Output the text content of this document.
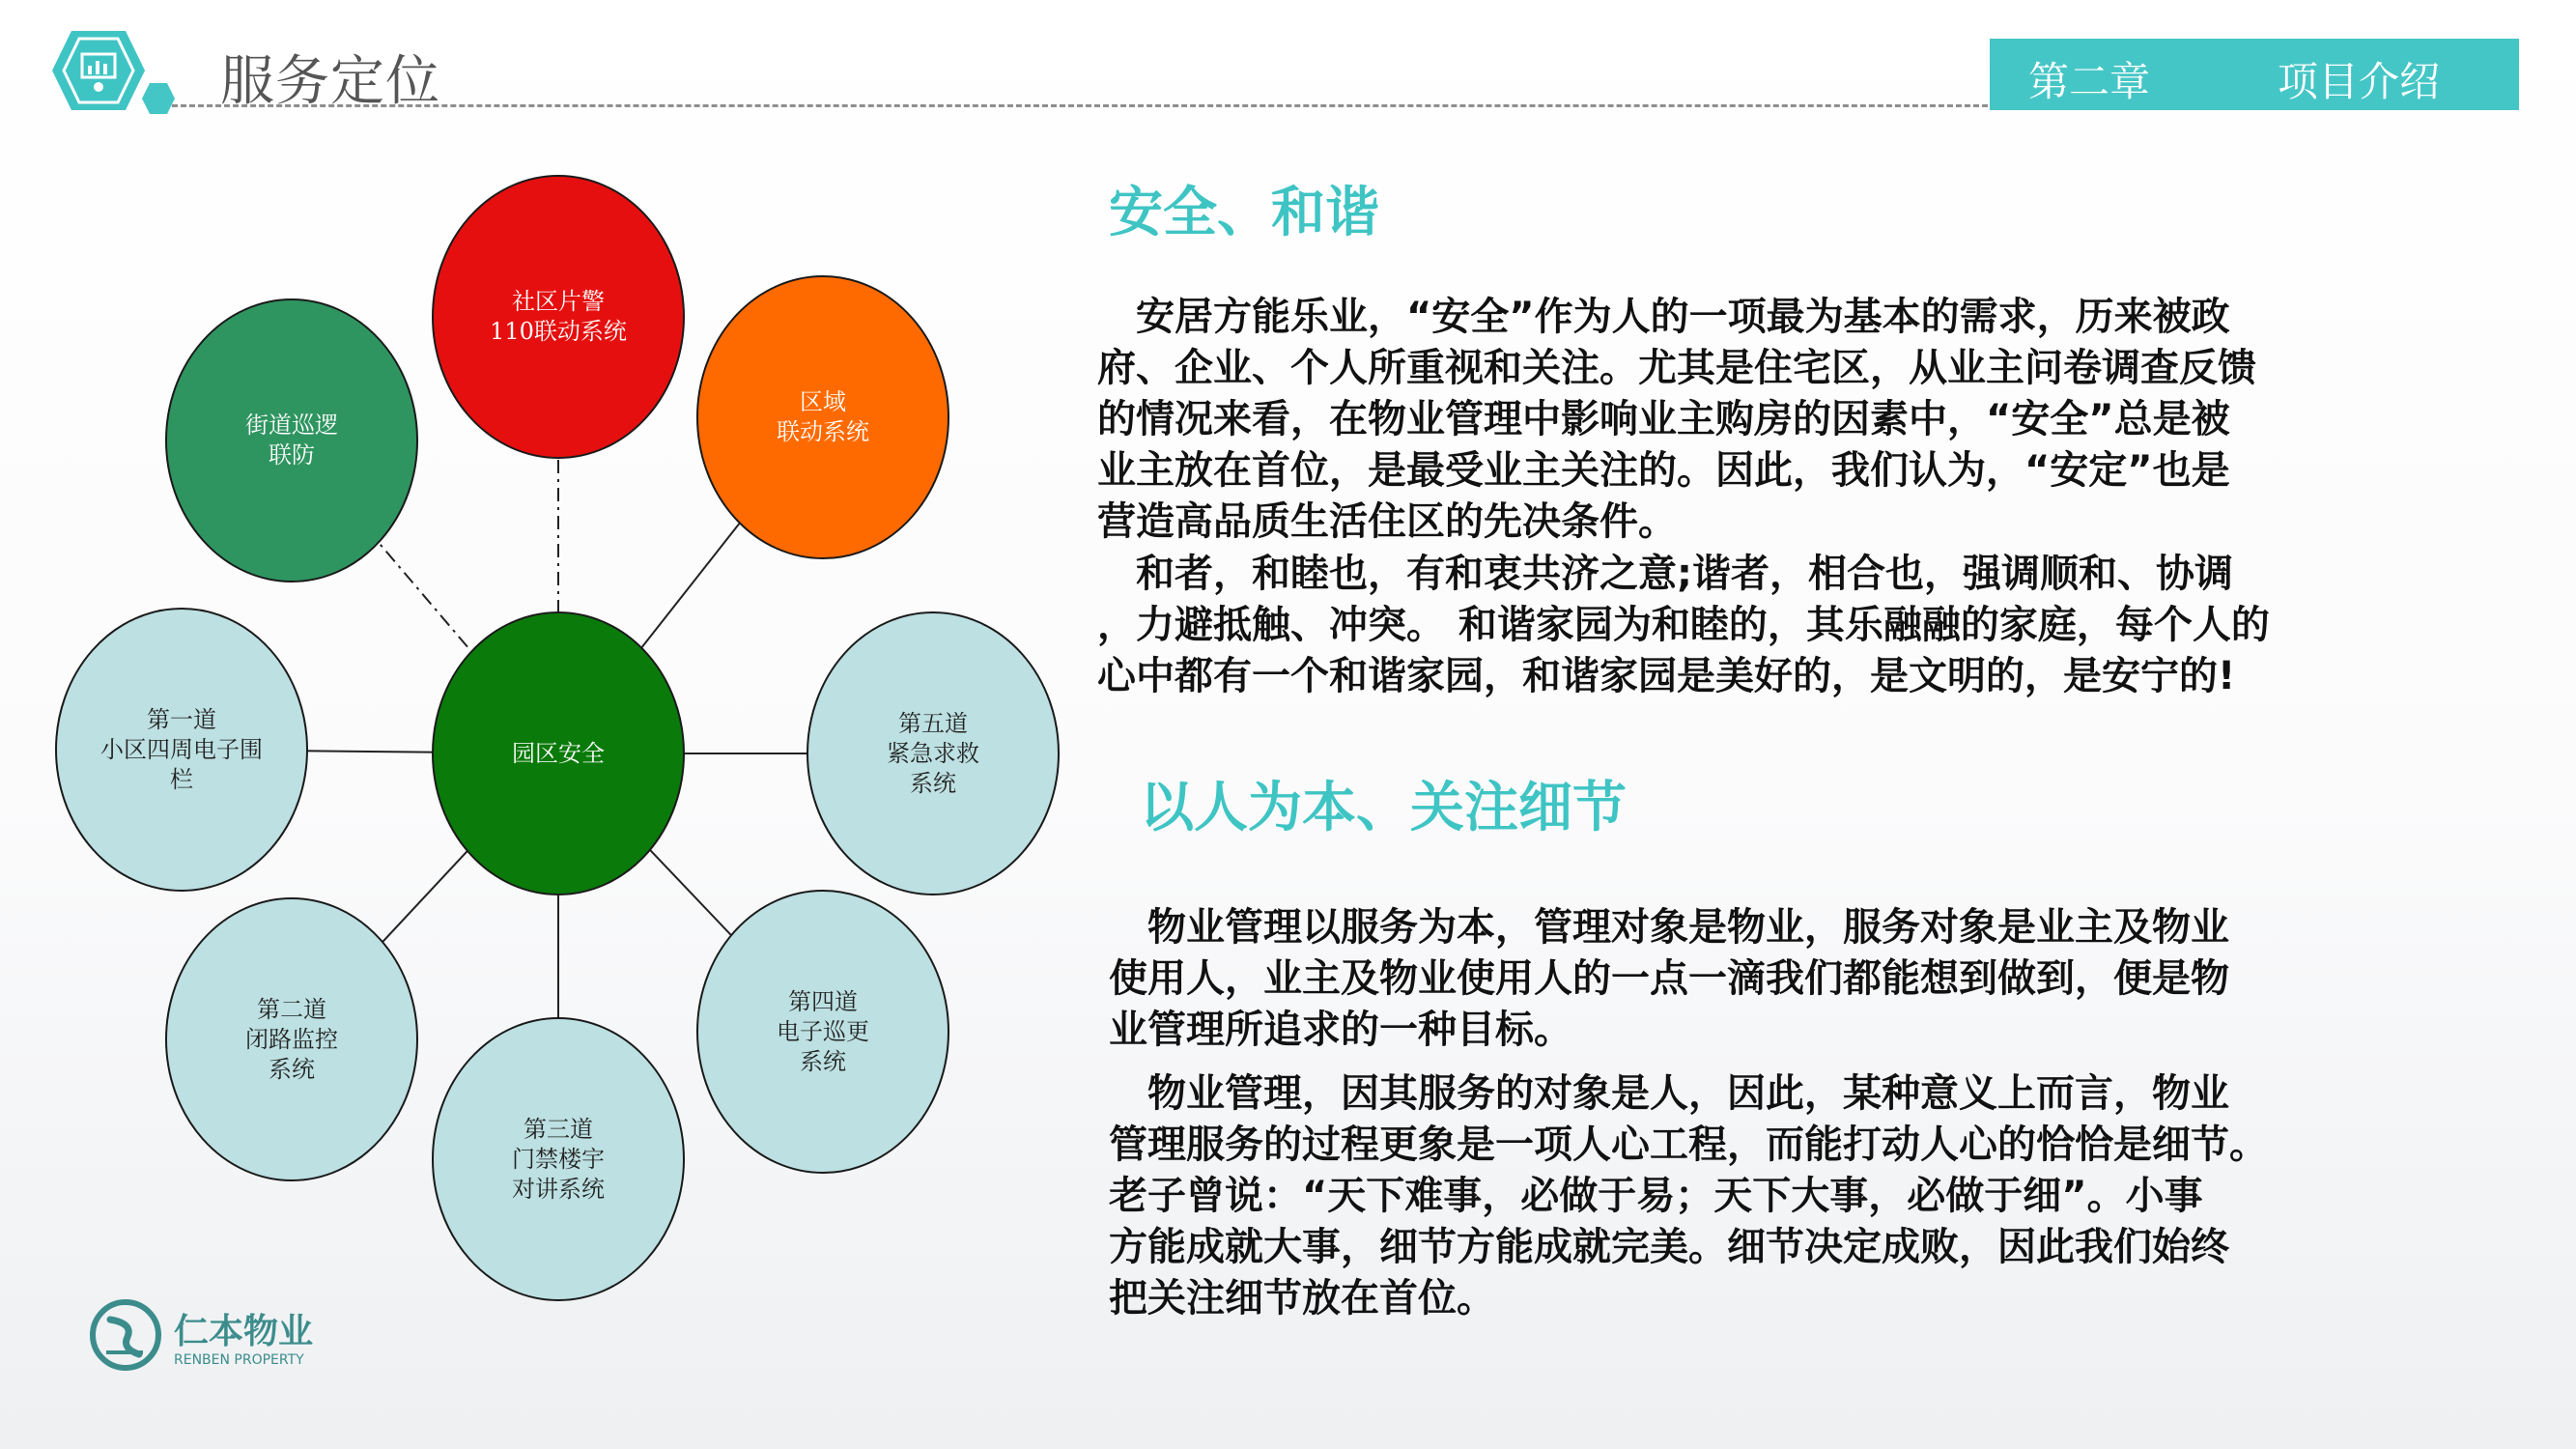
服务定位	第二章	项目介绍
社区片警
110联动系统
区域
联动系统
第五道
紧急求救
系统
第四道
电子巡更
系统
第三道
门禁楼宇
对讲系统
第二道
闭路监控
系统
第一道
小区四周电子围
栏
街道巡逻
联防
园区安全
安全、和谐
　安居方能乐业，“安全”作为人的一项最为基本的需求，历来被政
府、企业、个人所重视和关注。尤其是住宅区，从业主问卷调查反馈
的情况来看，在物业管理中影响业主购房的因素中，“安全”总是被
业主放在首位，是最受业主关注的。因此，我们认为，“安定”也是
营造高品质生活住区的先决条件。
　和者，和睦也，有和衷共济之意;谐者，相合也，强调顺和、协调
，力避抵触、冲突。 和谐家园为和睦的，其乐融融的家庭，每个人的
心中都有一个和谐家园，和谐家园是美好的，是文明的，是安宁的!
以人为本、关注细节
　物业管理以服务为本，管理对象是物业，服务对象是业主及物业
使用人，业主及物业使用人的一点一滴我们都能想到做到，便是物
业管理所追求的一种目标。
　物业管理，因其服务的对象是人，因此，某种意义上而言，物业
管理服务的过程更象是一项人心工程，而能打动人心的恰恰是细节。
老子曾说：“天下难事，必做于易；天下大事，必做于细”。小事
方能成就大事，细节方能成就完美。细节决定成败，因此我们始终
把关注细节放在首位。
仁本物业
RENBEN PROPERTY
